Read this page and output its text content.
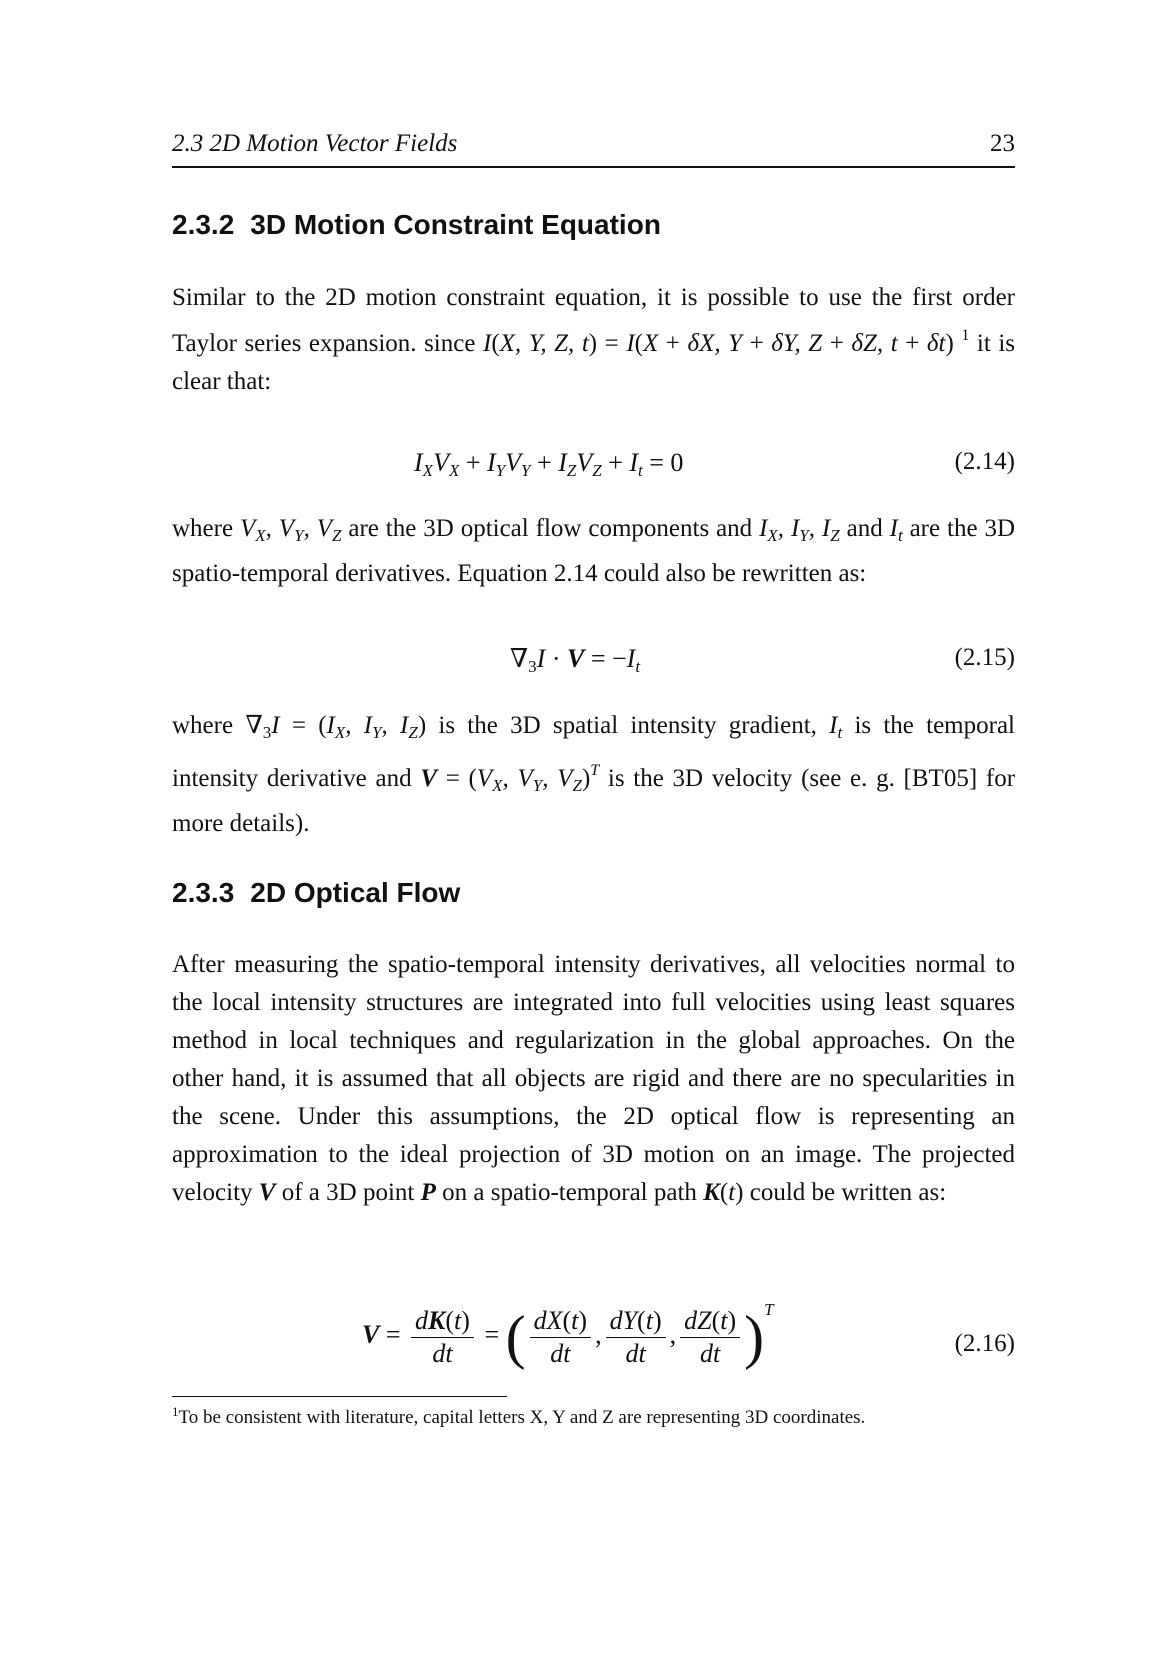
2.3 2D Motion Vector Fields	23
2.3.2 3D Motion Constraint Equation

Similar to the 2D motion constraint equation, it is possible to use the first order Taylor series expansion. since I(X, Y, Z, t) = I(X + δX, Y + δY, Z + δZ, t + δt) $^1$ it is clear that:

$I_XV_X + I_YV_Y + I_ZV_Z + I_t = 0$	(2.14)

where $V_X$, $V_Y$, $V_Z$ are the 3D optical flow components and $I_X$, $I_Y$, $I_Z$ and $I_t$ are the 3D spatio-temporal derivatives. Equation 2.14 could also be rewritten as:

$\nabla_3I \cdot V = -I_t$	(2.15)

where $\nabla_3I = (I_X$, $I_Y$, $I_Z$) is the 3D spatial intensity gradient, $I_t$ is the temporal intensity derivative and $V = (V_X$, $V_Y$, $V_Z)^T$ is the 3D velocity (see e. g. [BT05] for more details).

2.3.3 2D Optical Flow

After measuring the spatio-temporal intensity derivatives, all velocities normal to the local intensity structures are integrated into full velocities using least squares method in local techniques and regularization in the global approaches. On the other hand, it is assumed that all objects are rigid and there are no specularities in the scene. Under this assumptions, the 2D optical flow is representing an approximation to the ideal projection of 3D motion on an image. The projected velocity V of a 3D point P on a spatio-temporal path K(t) could be written as:

$V = \frac{dK(t)}{dt}$ = ( $\frac{dX(t)}{dt}$ , $\frac{dY(t)}{dt}$ , $\frac{dZ(t)}{dt} )^T$
(2.16)
$^1$To be consistent with literature, capital letters X, Y and Z are representing 3D coordinates.
